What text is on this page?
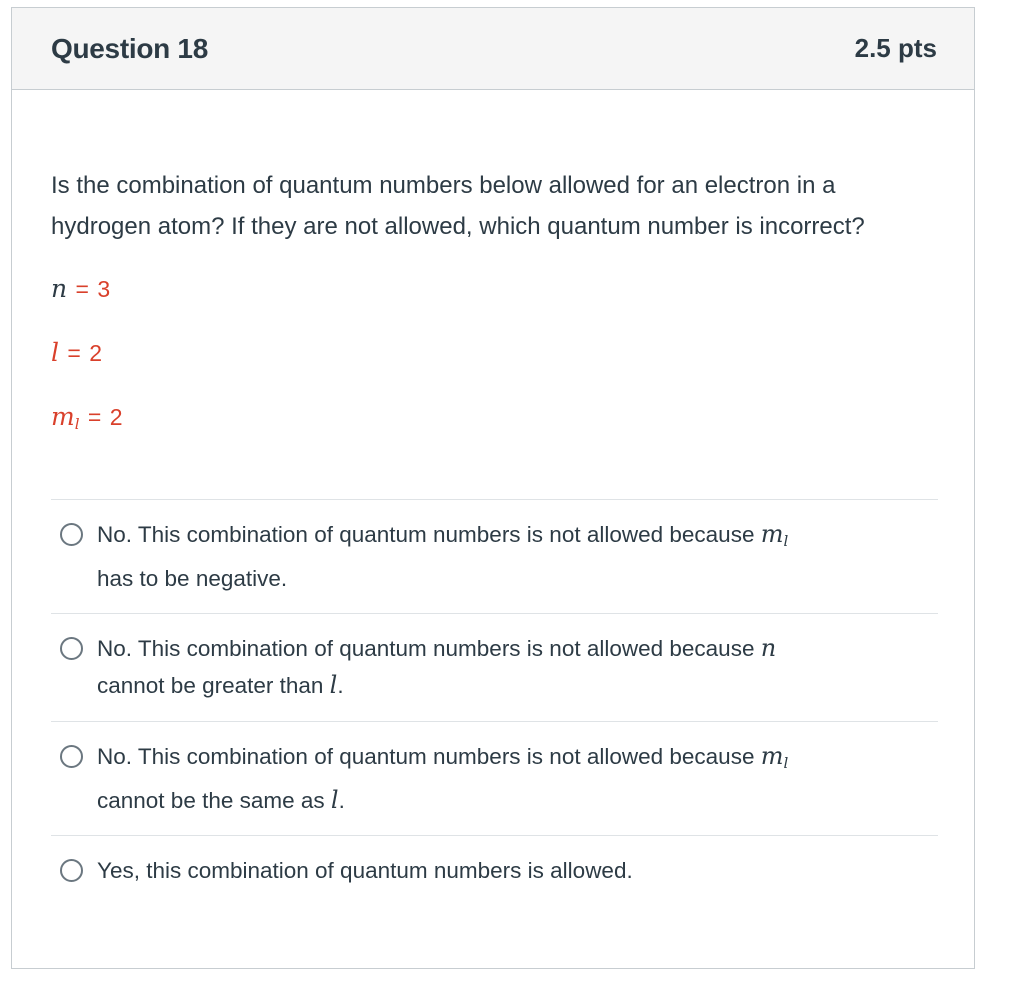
Question 18	2.5 pts
Is the combination of quantum numbers below allowed for an electron in a hydrogen atom? If they are not allowed, which quantum number is incorrect?
n = 3
l = 2
$m_l = 2$
No. This combination of quantum numbers is not allowed because $m_l$
has to be negative.
No. This combination of quantum numbers is not allowed because n
cannot be greater than l.
No. This combination of quantum numbers is not allowed because $m_l$
cannot be the same as l.
Yes, this combination of quantum numbers is allowed.
